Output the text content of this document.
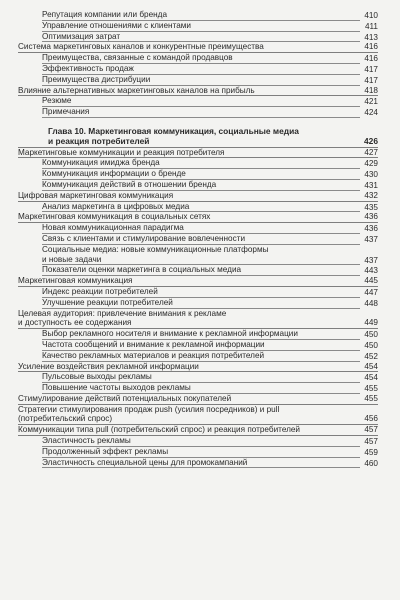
Репутация компании или бренда	410
Управление отношениями с клиентами	411
Оптимизация затрат	413
Система маркетинговых каналов и конкурентные преимущества	416
Преимущества, связанные с командой продавцов	416
Эффективность продаж	417
Преимущества дистрибуции	417
Влияние альтернативных маркетинговых каналов на прибыль	418
Резюме	421
Примечания	424
Глава 10. Маркетинговая коммуникация, социальные медиа
и реакция потребителей	426
Маркетинговые коммуникации и реакция потребителя	427
Коммуникация имиджа бренда	429
Коммуникация информации о бренде	430
Коммуникация действий в отношении бренда	431
Цифровая маркетинговая коммуникация	432
Анализ маркетинга в цифровых медиа	435
Маркетинговая коммуникация в социальных сетях	436
Новая коммуникационная парадигма	436
Связь с клиентами и стимулирование вовлеченности	437
Социальные медиа: новые коммуникационные платформы
и новые задачи	437
Показатели оценки маркетинга в социальных медиа	443
Маркетинговая коммуникация	445
Индекс реакции потребителей	447
Улучшение реакции потребителей	448
Целевая аудитория: привлечение внимания к рекламе
и доступность ее содержания	449
Выбор рекламного носителя и внимание к рекламной информации	450
Частота сообщений и внимание к рекламной информации	450
Качество рекламных материалов и реакция потребителей	452
Усиление воздействия рекламной информации	454
Пульсовые выходы рекламы	454
Повышение частоты выходов рекламы	455
Стимулирование действий потенциальных покупателей	455
Стратегии стимулирования продаж push (усилия посредников) и pull
(потребительский спрос)	456
Коммуникации типа pull (потребительский спрос) и реакция потребителей	457
Эластичность рекламы	457
Продолженный эффект рекламы	459
Эластичность специальной цены для промокампаний	460
